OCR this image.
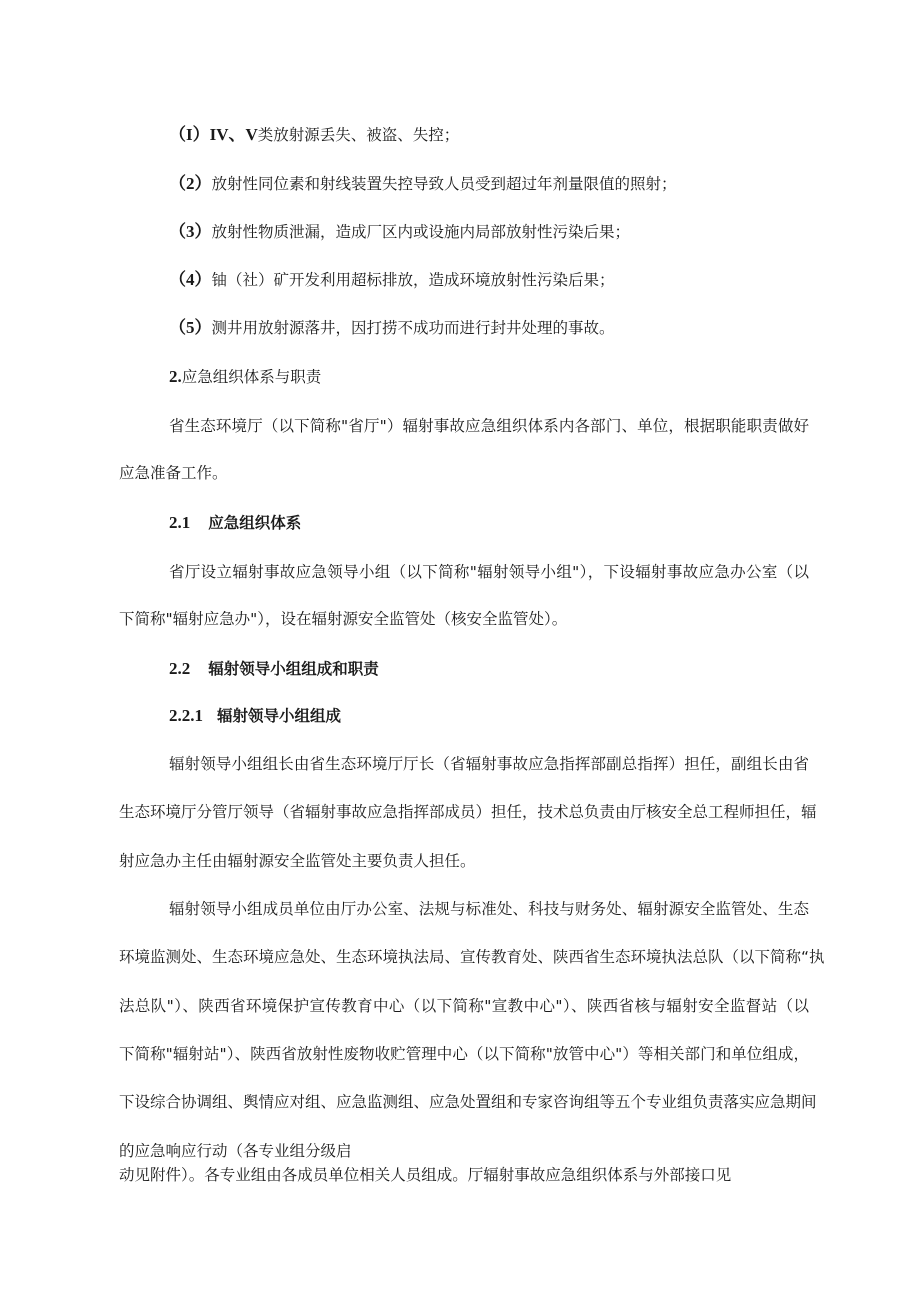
（I）IV、V类放射源丢失、被盗、失控；
（2）放射性同位素和射线装置失控导致人员受到超过年剂量限值的照射；
（3）放射性物质泄漏，造成厂区内或设施内局部放射性污染后果；
（4）铀（社）矿开发利用超标排放，造成环境放射性污染后果；
（5）测井用放射源落井，因打捞不成功而进行封井处理的事故。
2.应急组织体系与职责
省生态环境厅（以下简称"省厅"）辐射事故应急组织体系内各部门、单位，根据职能职责做好
应急准备工作。
2.1 应急组织体系
省厅设立辐射事故应急领导小组（以下简称"辐射领导小组"），下设辐射事故应急办公室（以
下简称"辐射应急办"），设在辐射源安全监管处（核安全监管处）。
2.2 辐射领导小组组成和职责
2.2.1 辐射领导小组组成
辐射领导小组组长由省生态环境厅厅长（省辐射事故应急指挥部副总指挥）担任，副组长由省
生态环境厅分管厅领导（省辐射事故应急指挥部成员）担任，技术总负责由厅核安全总工程师担任，辐
射应急办主任由辐射源安全监管处主要负责人担任。
辐射领导小组成员单位由厅办公室、法规与标准处、科技与财务处、辐射源安全监管处、生态
环境监测处、生态环境应急处、生态环境执法局、宣传教育处、陕西省生态环境执法总队（以下简称“执
法总队"）、陕西省环境保护宣传教育中心（以下简称"宣教中心"）、陕西省核与辐射安全监督站（以
下简称"辐射站"）、陕西省放射性废物收贮管理中心（以下简称"放管中心"）等相关部门和单位组成，
下设综合协调组、舆情应对组、应急监测组、应急处置组和专家咨询组等五个专业组负责落实应急期间
的应急响应行动（各专业组分级启
动见附件）。各专业组由各成员单位相关人员组成。厅辐射事故应急组织体系与外部接口见
